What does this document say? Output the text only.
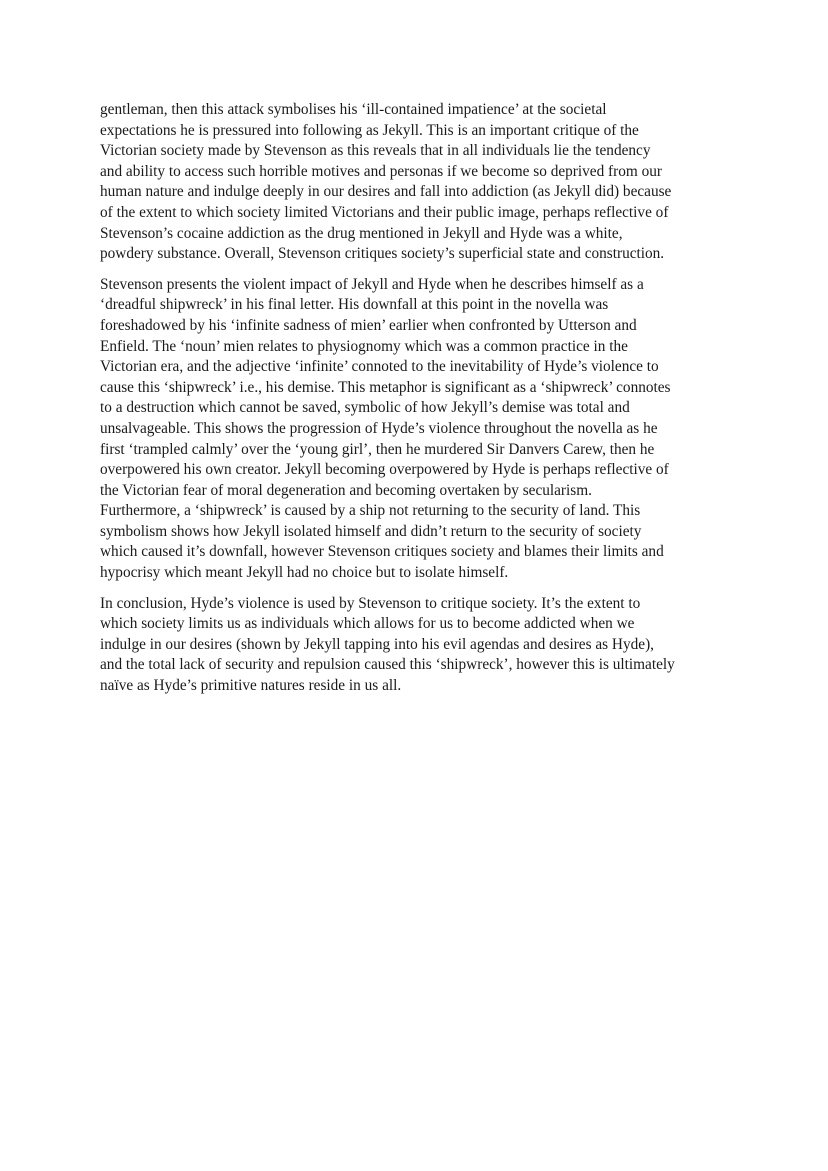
gentleman, then this attack symbolises his ‘ill-contained impatience’ at the societal
expectations he is pressured into following as Jekyll. This is an important critique of the
Victorian society made by Stevenson as this reveals that in all individuals lie the tendency
and ability to access such horrible motives and personas if we become so deprived from our
human nature and indulge deeply in our desires and fall into addiction (as Jekyll did) because
of the extent to which society limited Victorians and their public image, perhaps reflective of
Stevenson’s cocaine addiction as the drug mentioned in Jekyll and Hyde was a white,
powdery substance. Overall, Stevenson critiques society’s superficial state and construction.

Stevenson presents the violent impact of Jekyll and Hyde when he describes himself as a
‘dreadful shipwreck’ in his final letter. His downfall at this point in the novella was
foreshadowed by his ‘infinite sadness of mien’ earlier when confronted by Utterson and
Enfield. The ‘noun’ mien relates to physiognomy which was a common practice in the
Victorian era, and the adjective ‘infinite’ connoted to the inevitability of Hyde’s violence to
cause this ‘shipwreck’ i.e., his demise. This metaphor is significant as a ‘shipwreck’ connotes
to a destruction which cannot be saved, symbolic of how Jekyll’s demise was total and
unsalvageable. This shows the progression of Hyde’s violence throughout the novella as he
first ‘trampled calmly’ over the ‘young girl’, then he murdered Sir Danvers Carew, then he
overpowered his own creator. Jekyll becoming overpowered by Hyde is perhaps reflective of
the Victorian fear of moral degeneration and becoming overtaken by secularism.
Furthermore, a ‘shipwreck’ is caused by a ship not returning to the security of land. This
symbolism shows how Jekyll isolated himself and didn’t return to the security of society
which caused it’s downfall, however Stevenson critiques society and blames their limits and
hypocrisy which meant Jekyll had no choice but to isolate himself.

In conclusion, Hyde’s violence is used by Stevenson to critique society. It’s the extent to
which society limits us as individuals which allows for us to become addicted when we
indulge in our desires (shown by Jekyll tapping into his evil agendas and desires as Hyde),
and the total lack of security and repulsion caused this ‘shipwreck’, however this is ultimately
naïve as Hyde’s primitive natures reside in us all.
